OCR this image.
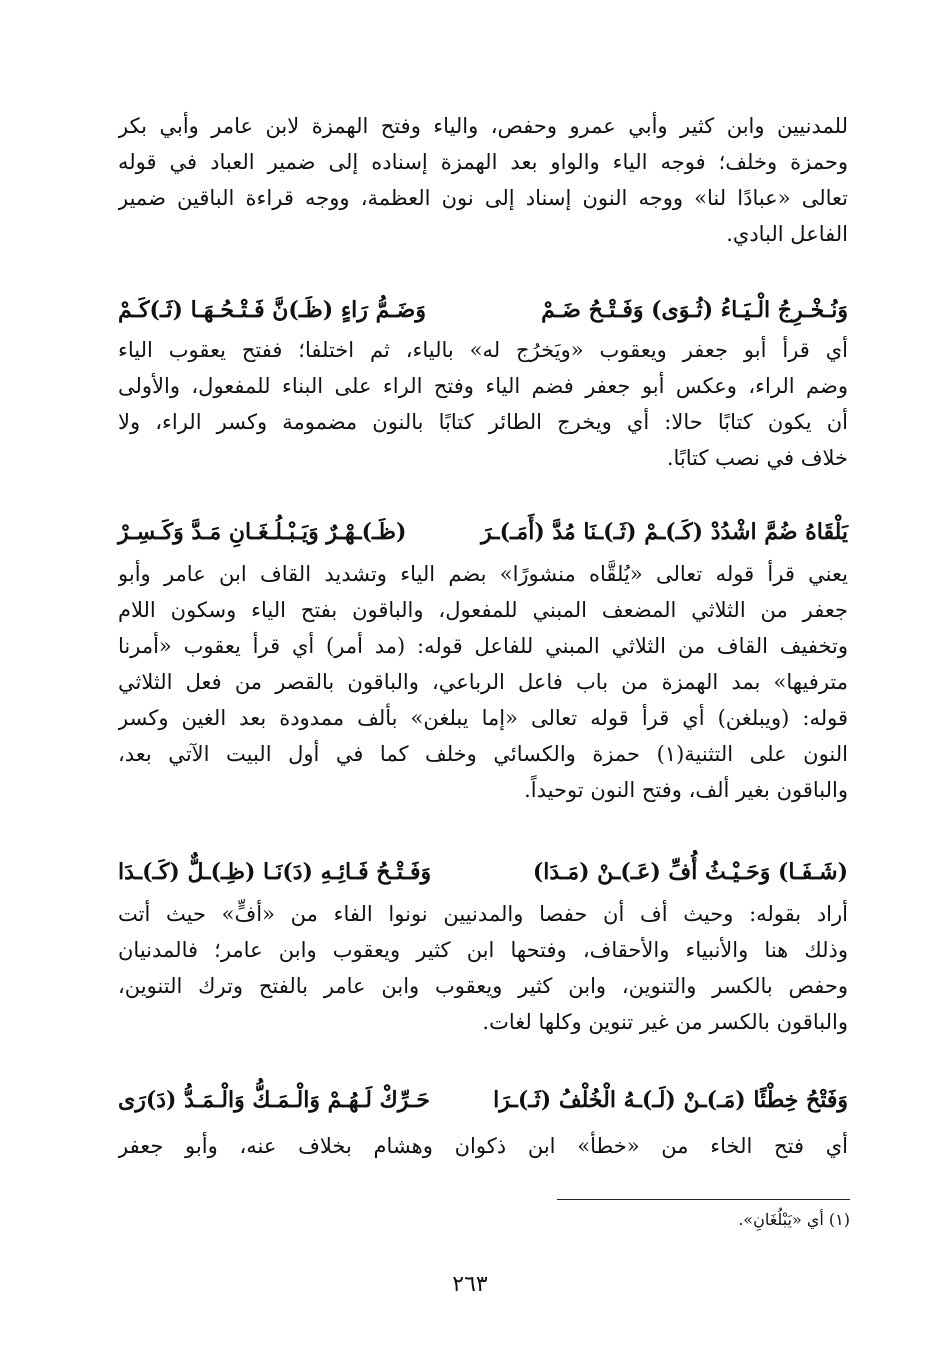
للمدنيين وابن كثير وأبي عمرو وحفص، والياء وفتح الهمزة لابن عامر وأبي بكر
وحمزة وخلف؛ فوجه الياء والواو بعد الهمزة إسناده إلى ضمير العباد في قوله
تعالى «عبادًا لنا» ووجه النون إسناد إلى نون العظمة، ووجه قراءة الباقين ضمير
الفاعل البادي.
وَنُـخْـرِجُ الْـيَـاءُ (ثُـوَى) وَفَـتْـحُ ضَـمْ
وَضَـمُّ رَاءٍ (ظَـ)نَّ فَـتْـحُـهَـا (ثَـ)كَـمْ
أي قرأ أبو جعفر ويعقوب «ويَخرُج له» بالياء، ثم اختلفا؛ ففتح يعقوب الياء
وضم الراء، وعكس أبو جعفر فضم الياء وفتح الراء على البناء للمفعول، والأولى
أن يكون كتابًا حالا: أي ويخرج الطائر كتابًا بالنون مضمومة وكسر الراء، ولا
خلاف في نصب كتابًا.
يَلْقَاهُ ضُمَّ اشْدُدْ (كَـ)ـمْ (ثَـ)ـنَا مُدَّ (أَمَـ)ـرَ
(ظَـ)ـهْـرٌ وَيَـبْـلُـغَـانِ مَـدَّ وَكَـسِـرْ
يعني قرأ قوله تعالى «يُلقَّاه منشورًا» بضم الياء وتشديد القاف ابن عامر وأبو
جعفر من الثلاثي المضعف المبني للمفعول، والباقون بفتح الياء وسكون اللام
وتخفيف القاف من الثلاثي المبني للفاعل قوله: (مد أمر) أي قرأ يعقوب «أمرنا
مترفيها» بمد الهمزة من باب فاعل الرباعي، والباقون بالقصر من فعل الثلاثي
قوله: (ويبلغن) أي قرأ قوله تعالى «إما يبلغن» بألف ممدودة بعد الغين وكسر
النون على التثنية(١) حمزة والكسائي وخلف كما في أول البيت الآتي بعد،
والباقون بغير ألف، وفتح النون توحيداً.
(شَـفَـا) وَحَـيْـثُ أُفِّ (عَـ)ـنْ (مَـدَا)
وَفَـتْـحُ فَـائِـهِ (دَ)نَـا (ظِـ)ـلٌّ (كَـ)ـدَا
أراد بقوله: وحيث أف أن حفصا والمدنيين نونوا الفاء من «أفٍّ» حيث أتت
وذلك هنا والأنبياء والأحقاف، وفتحها ابن كثير ويعقوب وابن عامر؛ فالمدنيان
وحفص بالكسر والتنوين، وابن كثير ويعقوب وابن عامر بالفتح وترك التنوين،
والباقون بالكسر من غير تنوين وكلها لغات.
وَفَتْحُ خِطْئًا (مَـ)ـنْ (لَـ)ـهُ الْخُلْفُ (ثَـ)ـرَا
حَـرِّكْ لَـهُـمْ وَالْـمَـكُّ وَالْـمَـدُّ (دَ)رَى
أي فتح الخاء من «خطأ» ابن ذكوان وهشام بخلاف عنه، وأبو جعفر
(١) أي «يَبْلُغَانِ».
٢٦٣
